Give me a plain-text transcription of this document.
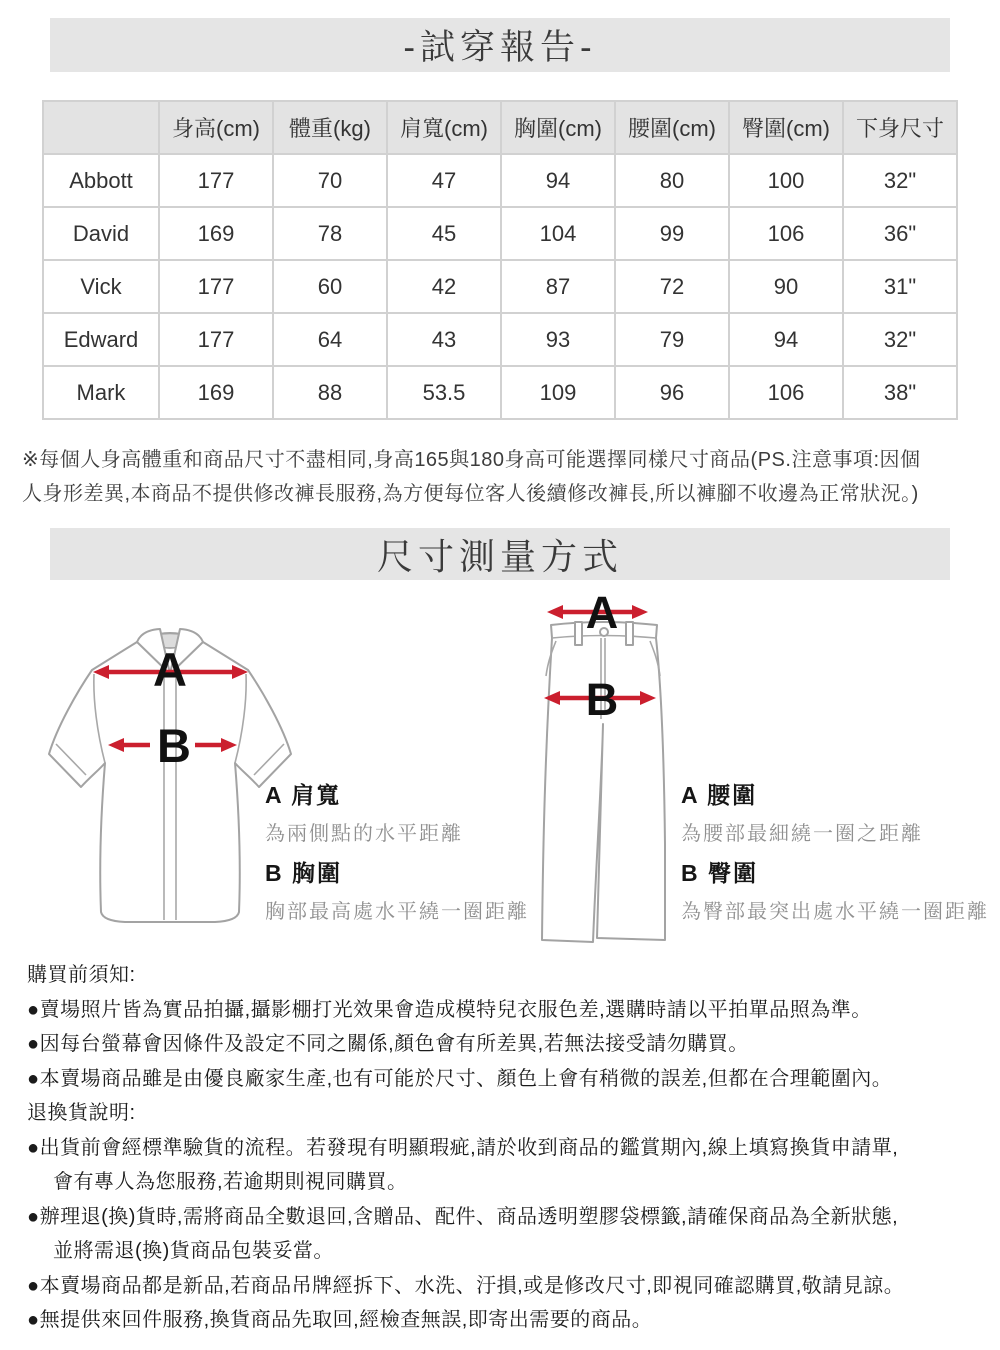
-試穿報告-
	身高(cm)	體重(kg)	肩寬(cm)	胸圍(cm)	腰圍(cm)	臀圍(cm)	下身尺寸
Abbott	177	70	47	94	80	100	32"
David	169	78	45	104	99	106	36"
Vick	177	60	42	87	72	90	31"
Edward	177	64	43	93	79	94	32"
Mark	169	88	53.5	109	96	106	38"
※每個人身高體重和商品尺寸不盡相同,身高165與180身高可能選擇同樣尺寸商品(PS.注意事項:因個
人身形差異,本商品不提供修改褲長服務,為方便每位客人後續修改褲長,所以褲腳不收邊為正常狀況。)
尺寸測量方式
A
B
A 肩寬
為兩側點的水平距離
B 胸圍
胸部最高處水平繞一圈距離
A
B
A 腰圍
為腰部最細繞一圈之距離
B 臀圍
為臀部最突出處水平繞一圈距離
購買前須知:
●賣場照片皆為實品拍攝,攝影棚打光效果會造成模特兒衣服色差,選購時請以平拍單品照為準。
●因每台螢幕會因條件及設定不同之關係,顏色會有所差異,若無法接受請勿購買。
●本賣場商品雖是由優良廠家生產,也有可能於尺寸、顏色上會有稍微的誤差,但都在合理範圍內。
退換貨說明:
●出貨前會經標準驗貨的流程。若發現有明顯瑕疵,請於收到商品的鑑賞期內,線上填寫換貨申請單,
會有專人為您服務,若逾期則視同購買。
●辦理退(換)貨時,需將商品全數退回,含贈品、配件、商品透明塑膠袋標籤,請確保商品為全新狀態,
並將需退(換)貨商品包裝妥當。
●本賣場商品都是新品,若商品吊牌經拆下、水洗、汙損,或是修改尺寸,即視同確認購買,敬請見諒。
●無提供來回件服務,換貨商品先取回,經檢查無誤,即寄出需要的商品。
